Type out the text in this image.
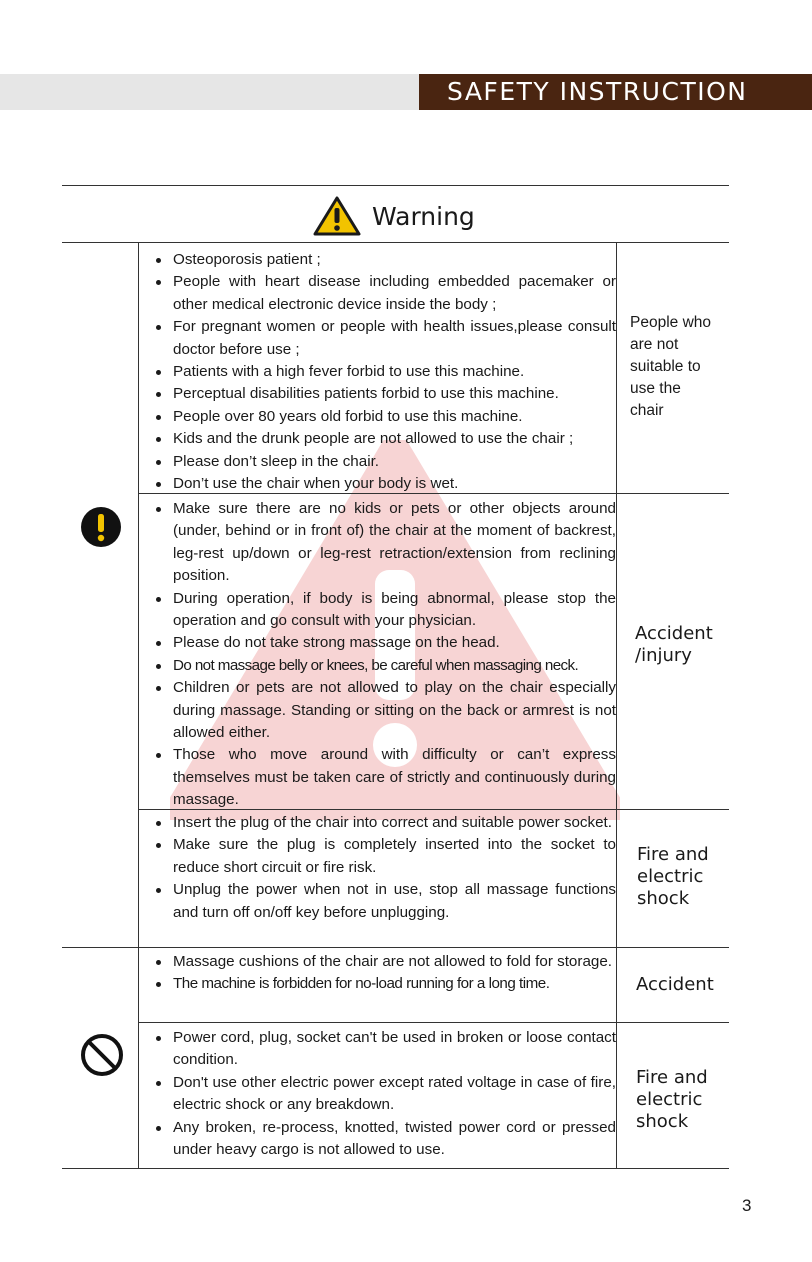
SAFETY INSTRUCTION
Warning
Osteoporosis patient ;
People with heart disease including embedded pacemaker or other medical electronic device inside the body ;
For pregnant women or people with health issues,please consult doctor before use ;
Patients with a high fever forbid to use this machine.
Perceptual disabilities patients forbid to use this machine.
People over 80 years old forbid to use this machine.
Kids and the drunk people are not allowed to use the chair ;
Please don’t sleep in the chair.
Don’t use the chair when your body is wet.
People who are not suitable to use the chair
Make sure there are no kids or pets or other objects around (under, behind or in front of) the chair at the moment of backrest, leg-rest up/down or leg-rest retraction/extension from reclining position.
During operation, if body is being abnormal, please stop the operation and go consult with your physician.
Please do not take strong massage on the head.
Do not massage belly or knees, be careful when massaging neck.
Children or pets are not allowed to play on the chair especially during massage. Standing or sitting on the back or armrest is not allowed either.
Those who move around with difficulty or can’t express themselves must be taken care of strictly and continuously during massage.
Accident /injury
Insert the plug of the chair into correct and suitable power socket.
Make sure the plug is completely inserted into the socket to reduce short circuit or fire risk.
Unplug the power when not in use, stop all massage functions and turn off on/off key before unplugging.
Fire and electric shock
Massage cushions of the chair are not allowed to fold for storage.
The machine is forbidden for no-load running for a long time.	Accident
Power cord, plug, socket can't be used in broken or loose contact condition.
Don't use other electric power except rated voltage in case of fire, electric shock or any breakdown.
Any broken, re-process, knotted, twisted power cord or pressed under heavy cargo is not allowed to use.
Fire and electric shock
3
